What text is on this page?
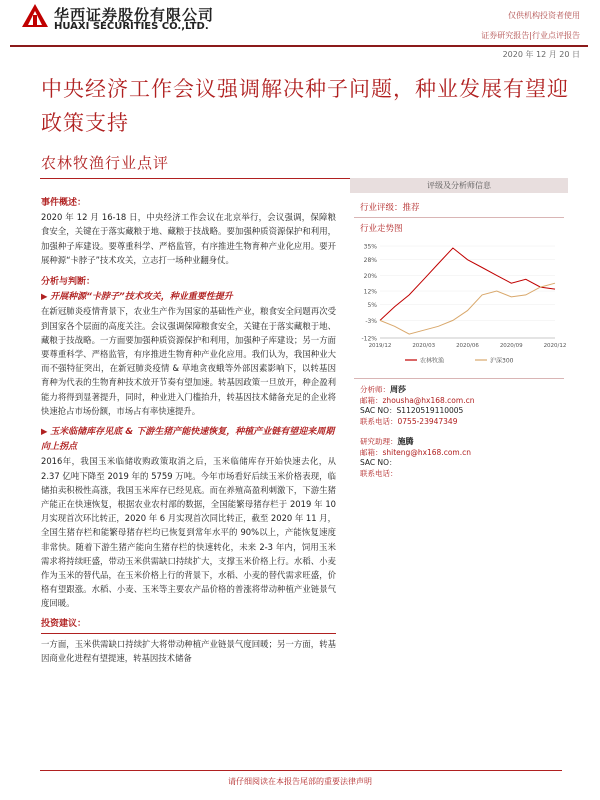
华西证券股份有限公司
HUAXI SECURITIES CO.,LTD.
仅供机构投资者使用
证券研究报告|行业点评报告
2020 年 12 月 20 日
中央经济工作会议强调解决种子问题，种业发展有望迎政策支持
农林牧渔行业点评
事件概述：
2020 年 12 月 16-18 日，中央经济工作会议在北京举行，会议强调，保障粮食安全，关键在于落实藏粮于地、藏粮于技战略。要加强种质资源保护和利用，加强种子库建设。要尊重科学、严格监管，有序推进生物育种产业化应用。要开展种源“卡脖子”技术攻关，立志打一场种业翻身仗。
分析与判断：
▶ 开展种源“卡脖子”技术攻关，种业重要性提升
在新冠肺炎疫情背景下，农业生产作为国家的基础性产业，粮食安全问题再次受到国家各个层面的高度关注。会议强调保障粮食安全，关键在于落实藏粮于地、藏粮于技战略。一方面要加强种质资源保护和利用，加强种子库建设；另一方面要尊重科学、严格监管，有序推进生物育种产业化应用。我们认为，我国种业大而不强特征突出，在新冠肺炎疫情 & 草地贪夜蛾等外部因素影响下，以转基因育种为代表的生物育种技术放开节奏有望加速。转基因政策一旦放开，种企盈利能力将得到显著提升，同时，种业进入门槛抬升，转基因技术储备充足的企业将快速抢占市场份额，市场占有率快速提升。
▶ 玉米临储库存见底 & 下游生猪产能快速恢复，种植产业链有望迎来周期向上拐点
2016年，我国玉米临储收购政策取消之后，玉米临储库存开始快速去化，从 2.37 亿吨下降至 2019 年的 5759 万吨。今年市场看好后续玉米价格表现，临储拍卖积极性高涨，我国玉米库存已经见底。而在养殖高盈利刺激下，下游生猪产能正在快速恢复，根据农业农村部的数据，全国能繁母猪存栏于 2019 年 10 月实现首次环比转正，2020 年 6 月实现首次同比转正，截至 2020 年 11 月，全国生猪存栏和能繁母猪存栏均已恢复到常年水平的 90%以上，产能恢复速度非常快。随着下游生猪产能向生猪存栏的快速转化，未来 2-3 年内，饲用玉米需求将持续旺盛，带动玉米供需缺口持续扩大，支撑玉米价格上行。水稻、小麦作为玉米的替代品，在玉米价格上行的背景下，水稻、小麦的替代需求旺盛，价格有望跟涨。水稻、小麦、玉米等主要农产品价格的普涨将带动种植产业链景气度回暖。
投资建议：
一方面，玉米供需缺口持续扩大将带动种植产业链景气度回暖；另一方面，转基因商业化进程有望提速，转基因技术储备
评级及分析师信息
行业评级：推荐
行业走势图
-12%
-3%
5%
12%
20%
28%
35%
2019/12	2020/03	2020/06	2020/09	2020/12
农林牧渔	沪深300
分析师：周莎
邮箱：zhousha@hx168.com.cn
SAC NO：S1120519110005
联系电话：0755-23947349
研究助理：施腾
邮箱：shiteng@hx168.com.cn
SAC NO：
联系电话：
请仔细阅读在本报告尾部的重要法律声明
